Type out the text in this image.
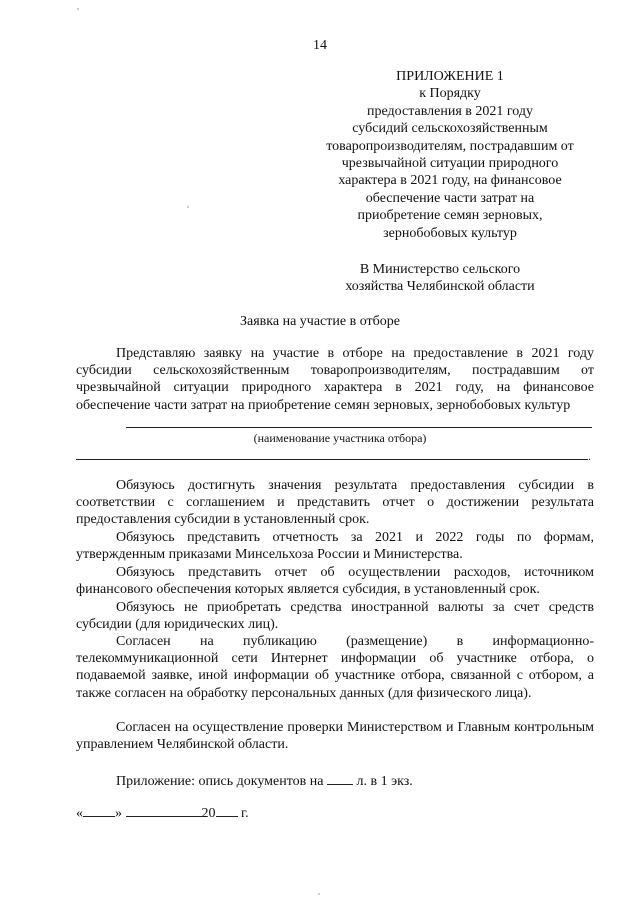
14
ПРИЛОЖЕНИЕ 1
к Порядку
предоставления в 2021 году
субсидий сельскохозяйственным
товаропроизводителям, пострадавшим от
чрезвычайной ситуации природного
характера в 2021 году, на финансовое
обеспечение части затрат на
приобретение семян зерновых,
зернобобовых культур
В Министерство сельского
хозяйства Челябинской области
Заявка на участие в отборе
Представляю заявку на участие в отборе на предоставление в 2021 году субсидии сельскохозяйственным товаропроизводителям, пострадавшим от чрезвычайной ситуации природного характера в 2021 году, на финансовое обеспечение части затрат на приобретение семян зерновых, зернобобовых культур
(наименование участника отбора)
.
Обязуюсь достигнуть значения результата предоставления субсидии в соответствии с соглашением и представить отчет о достижении результата предоставления субсидии в установленный срок.
Обязуюсь представить отчетность за 2021 и 2022 годы по формам, утвержденным приказами Минсельхоза России и Министерства.
Обязуюсь представить отчет об осуществлении расходов, источником финансового обеспечения которых является субсидия, в установленный срок.
Обязуюсь не приобретать средства иностранной валюты за счет средств субсидии (для юридических лиц).
Согласен на публикацию (размещение) в информационно-телекоммуникационной сети Интернет информации об участнике отбора, о подаваемой заявке, иной информации об участнике отбора, связанной с отбором, а также согласен на обработку персональных данных (для физического лица).
Согласен на осуществление проверки Министерством и Главным контрольным управлением Челябинской области.
Приложение: опись документов на л. в 1 экз.
« »	20 г.
